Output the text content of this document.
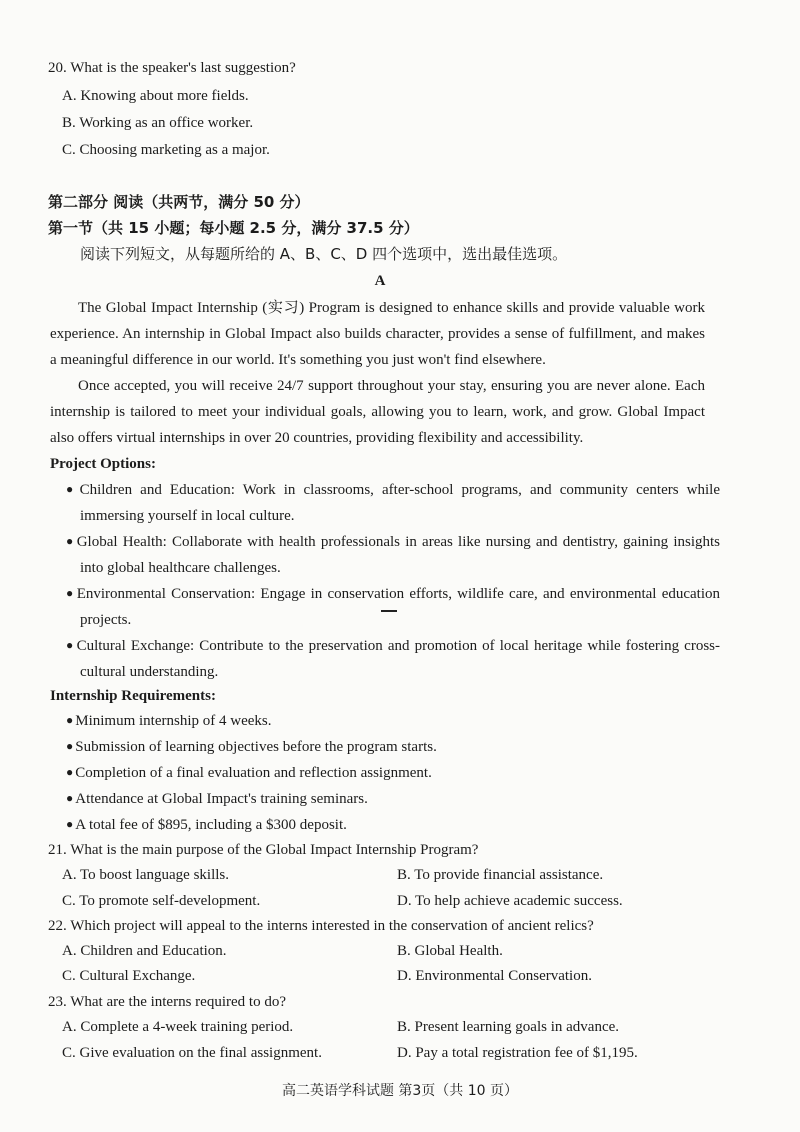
20. What is the speaker's last suggestion?
A. Knowing about more fields.
B. Working as an office worker.
C. Choosing marketing as a major.
第二部分 阅读（共两节，满分 50 分）
第一节（共 15 小题；每小题 2.5 分，满分 37.5 分）
阅读下列短文，从每题所给的 A、B、C、D 四个选项中，选出最佳选项。
A
The Global Impact Internship (实习) Program is designed to enhance skills and provide valuable work experience. An internship in Global Impact also builds character, provides a sense of fulfillment, and makes a meaningful difference in our world. It's something you just won't find elsewhere.
Once accepted, you will receive 24/7 support throughout your stay, ensuring you are never alone. Each internship is tailored to meet your individual goals, allowing you to learn, work, and grow. Global Impact also offers virtual internships in over 20 countries, providing flexibility and accessibility.
Project Options:
● Children and Education: Work in classrooms, after-school programs, and community centers while immersing yourself in local culture.
● Global Health: Collaborate with health professionals in areas like nursing and dentistry, gaining insights into global healthcare challenges.
● Environmental Conservation: Engage in conservation efforts, wildlife care, and environmental education projects.
● Cultural Exchange: Contribute to the preservation and promotion of local heritage while fostering cross-cultural understanding.
Internship Requirements:
● Minimum internship of 4 weeks.
● Submission of learning objectives before the program starts.
● Completion of a final evaluation and reflection assignment.
● Attendance at Global Impact's training seminars.
● A total fee of $895, including a $300 deposit.
21. What is the main purpose of the Global Impact Internship Program?
A. To boost language skills.	B. To provide financial assistance.
C. To promote self-development.	D. To help achieve academic success.
22. Which project will appeal to the interns interested in the conservation of ancient relics?
A. Children and Education.	B. Global Health.
C. Cultural Exchange.	D. Environmental Conservation.
23. What are the interns required to do?
A. Complete a 4-week training period.	B. Present learning goals in advance.
C. Give evaluation on the final assignment.	D. Pay a total registration fee of $1,195.
高二英语学科试题 第3页（共 10 页）
